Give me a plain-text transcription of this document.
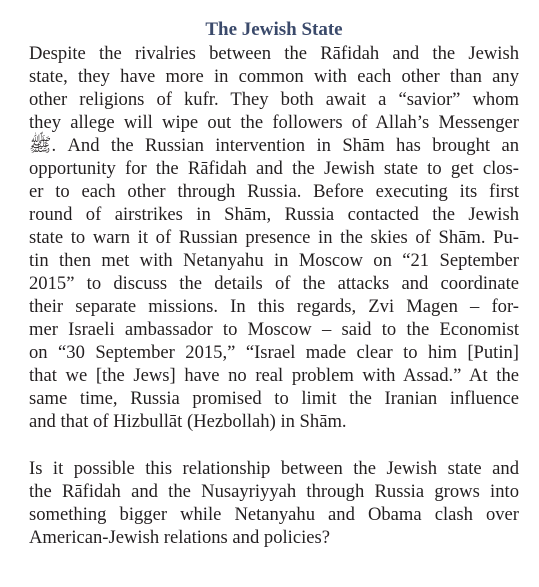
The Jewish State

Despite the rivalries between the Rāfidah and the Jewish
state, they have more in common with each other than any
other religions of kufr. They both await a “savior” whom
they allege will wipe out the followers of Allah’s Messenger
ﷺ. And the Russian intervention in Shām has brought an
opportunity for the Rāfidah and the Jewish state to get clos-
er to each other through Russia. Before executing its first
round of airstrikes in Shām, Russia contacted the Jewish
state to warn it of Russian presence in the skies of Shām. Pu-
tin then met with Netanyahu in Moscow on “21 September
2015” to discuss the details of the attacks and coordinate
their separate missions. In this regards, Zvi Magen – for-
mer Israeli ambassador to Moscow – said to the Economist
on “30 September 2015,” “Israel made clear to him [Putin]
that we [the Jews] have no real problem with Assad.” At the
same time, Russia promised to limit the Iranian influence
and that of Hizbullāt (Hezbollah) in Shām.

Is it possible this relationship between the Jewish state and
the Rāfidah and the Nusayriyyah through Russia grows into
something bigger while Netanyahu and Obama clash over
American-Jewish relations and policies?
